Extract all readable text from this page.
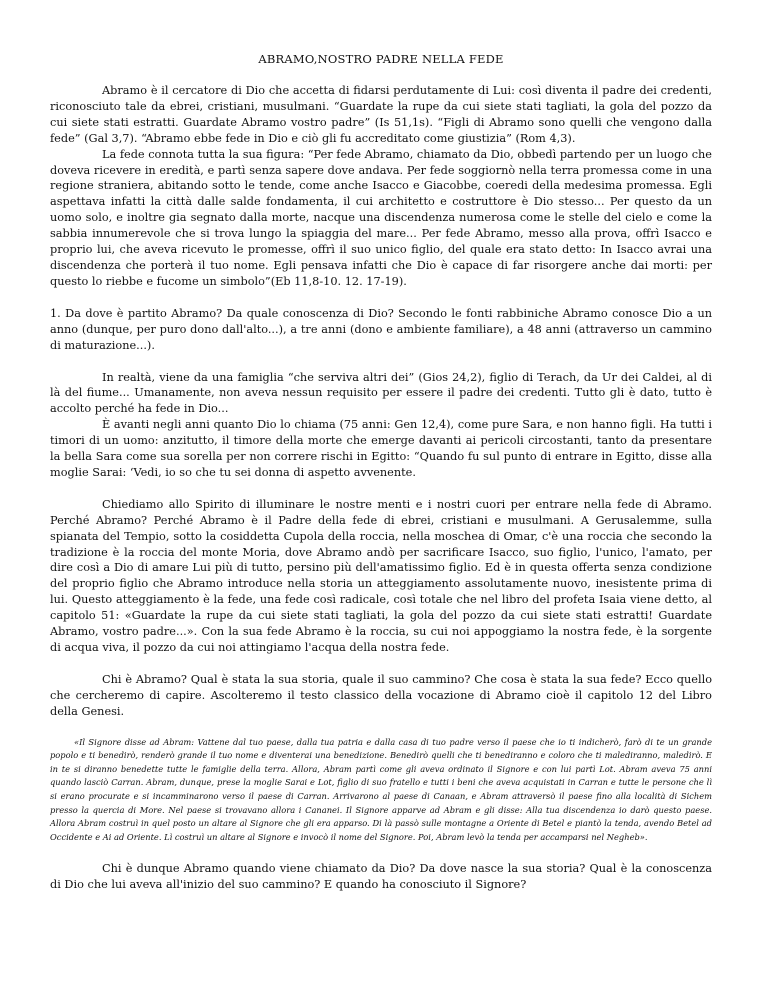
ABRAMO,NOSTRO PADRE NELLA FEDE

Abramo è il cercatore di Dio che accetta di fidarsi perdutamente di Lui: così diventa il padre dei credenti, riconosciuto tale da ebrei, cristiani, musulmani. “Guardate la rupe da cui siete stati tagliati, la gola del pozzo da cui siete stati estratti. Guardate Abramo vostro padre” (Is 51,1s). “Figli di Abramo sono quelli che vengono dalla fede” (Gal 3,7). “Abramo ebbe fede in Dio e ciò gli fu accreditato come giustizia” (Rom 4,3).

La fede connota tutta la sua figura: “Per fede Abramo, chiamato da Dio, obbedì partendo per un luogo che doveva ricevere in eredità, e partì senza sapere dove andava. Per fede soggiornò nella terra promessa come in una regione straniera, abitando sotto le tende, come anche Isacco e Giacobbe, coeredi della medesima promessa. Egli aspettava infatti la città dalle salde fondamenta, il cui architetto e costruttore è Dio stesso... Per questo da un uomo solo, e inoltre gia segnato dalla morte, nacque una discendenza numerosa come le stelle del cielo e come la sabbia innumerevole che si trova lungo la spiaggia del mare... Per fede Abramo, messo alla prova, offrì Isacco e proprio lui, che aveva ricevuto le promesse, offrì il suo unico figlio, del quale era stato detto: In Isacco avrai una discendenza che porterà il tuo nome. Egli pensava infatti che Dio è capace di far risorgere anche dai morti: per questo lo riebbe e fucome un simbolo”(Eb 11,8-10. 12. 17-19).

1. Da dove è partito Abramo? Da quale conoscenza di Dio? Secondo le fonti rabbiniche Abramo conosce Dio a un anno (dunque, per puro dono dall'alto...), a tre anni (dono e ambiente familiare), a 48 anni (attraverso un cammino di maturazione...).

In realtà, viene da una famiglia “che serviva altri dei” (Gios 24,2), figlio di Terach, da Ur dei Caldei, al di là del fiume... Umanamente, non aveva nessun requisito per essere il padre dei credenti. Tutto gli è dato, tutto è accolto perché ha fede in Dio...

È avanti negli anni quanto Dio lo chiama (75 anni: Gen 12,4), come pure Sara, e non hanno figli. Ha tutti i timori di un uomo: anzitutto, il timore della morte che emerge davanti ai pericoli circostanti, tanto da presentare la bella Sara come sua sorella per non correre rischi in Egitto: “Quando fu sul punto di entrare in Egitto, disse alla moglie Sarai: ‘Vedi, io so che tu sei donna di aspetto avvenente.

Chiediamo allo Spirito di illuminare le nostre menti e i nostri cuori per entrare nella fede di Abramo. Perché Abramo? Perché Abramo è il Padre della fede di ebrei, cristiani e musulmani. A Gerusalemme, sulla spianata del Tempio, sotto la cosiddetta Cupola della roccia, nella moschea di Omar, c'è una roccia che secondo la tradizione è la roccia del monte Moria, dove Abramo andò per sacrificare Isacco, suo figlio, l'unico, l'amato, per dire così a Dio di amare Lui più di tutto, persino più dell'amatissimo figlio. Ed è in questa offerta senza condizione del proprio figlio che Abramo introduce nella storia un atteggiamento assolutamente nuovo, inesistente prima di lui. Questo atteggiamento è la fede, una fede così radicale, così totale che nel libro del profeta Isaia viene detto, al capitolo 51: «Guardate la rupe da cui siete stati tagliati, la gola del pozzo da cui siete stati estratti! Guardate Abramo, vostro padre...». Con la sua fede Abramo è la roccia, su cui noi appoggiamo la nostra fede, è la sorgente di acqua viva, il pozzo da cui noi attingiamo l'acqua della nostra fede.

Chi è Abramo? Qual è stata la sua storia, quale il suo cammino? Che cosa è stata la sua fede? Ecco quello che cercheremo di capire. Ascolteremo il testo classico della vocazione di Abramo cioè il capitolo 12 del Libro della Genesi.

«Il Signore disse ad Abram: Vattene dal tuo paese, dalla tua patria e dalla casa di tuo padre verso il paese che io ti indicherò, farò di te un grande popolo e ti benedirò, renderò grande il tuo nome e diventerai una benedizione. Benedirò quelli che ti benediranno e coloro che ti malediranno, maledirò. E in te si diranno benedette tutte le famiglie della terra. Allora, Abram partì come gli aveva ordinato il Signore e con lui partì Lot. Abram aveva 75 anni quando lasciò Carran. Abram, dunque, prese la moglie Sarai e Lot, figlio di suo fratello e tutti i beni che aveva acquistati in Carran e tutte le persone che lì si erano procurate e si incamminarono verso il paese di Carran. Arrivarono al paese di Canaan, e Abram attraversò il paese fino alla località di Sichem presso la quercia di More. Nel paese si trovavano allora i Cananei. Il Signore apparve ad Abram e gli disse: Alla tua discendenza io darò questo paese. Allora Abram costruì in quel posto un altare al Signore che gli era apparso. Di là passò sulle montagne a Oriente di Betel e piantò la tenda, avendo Betel ad Occidente e Ai ad Oriente. Lì costruì un altare al Signore e invocò il nome del Signore. Poi, Abram levò la tenda per accamparsi nel Negheb».

Chi è dunque Abramo quando viene chiamato da Dio? Da dove nasce la sua storia? Qual è la conoscenza di Dio che lui aveva all'inizio del suo cammino? E quando ha conosciuto il Signore?
